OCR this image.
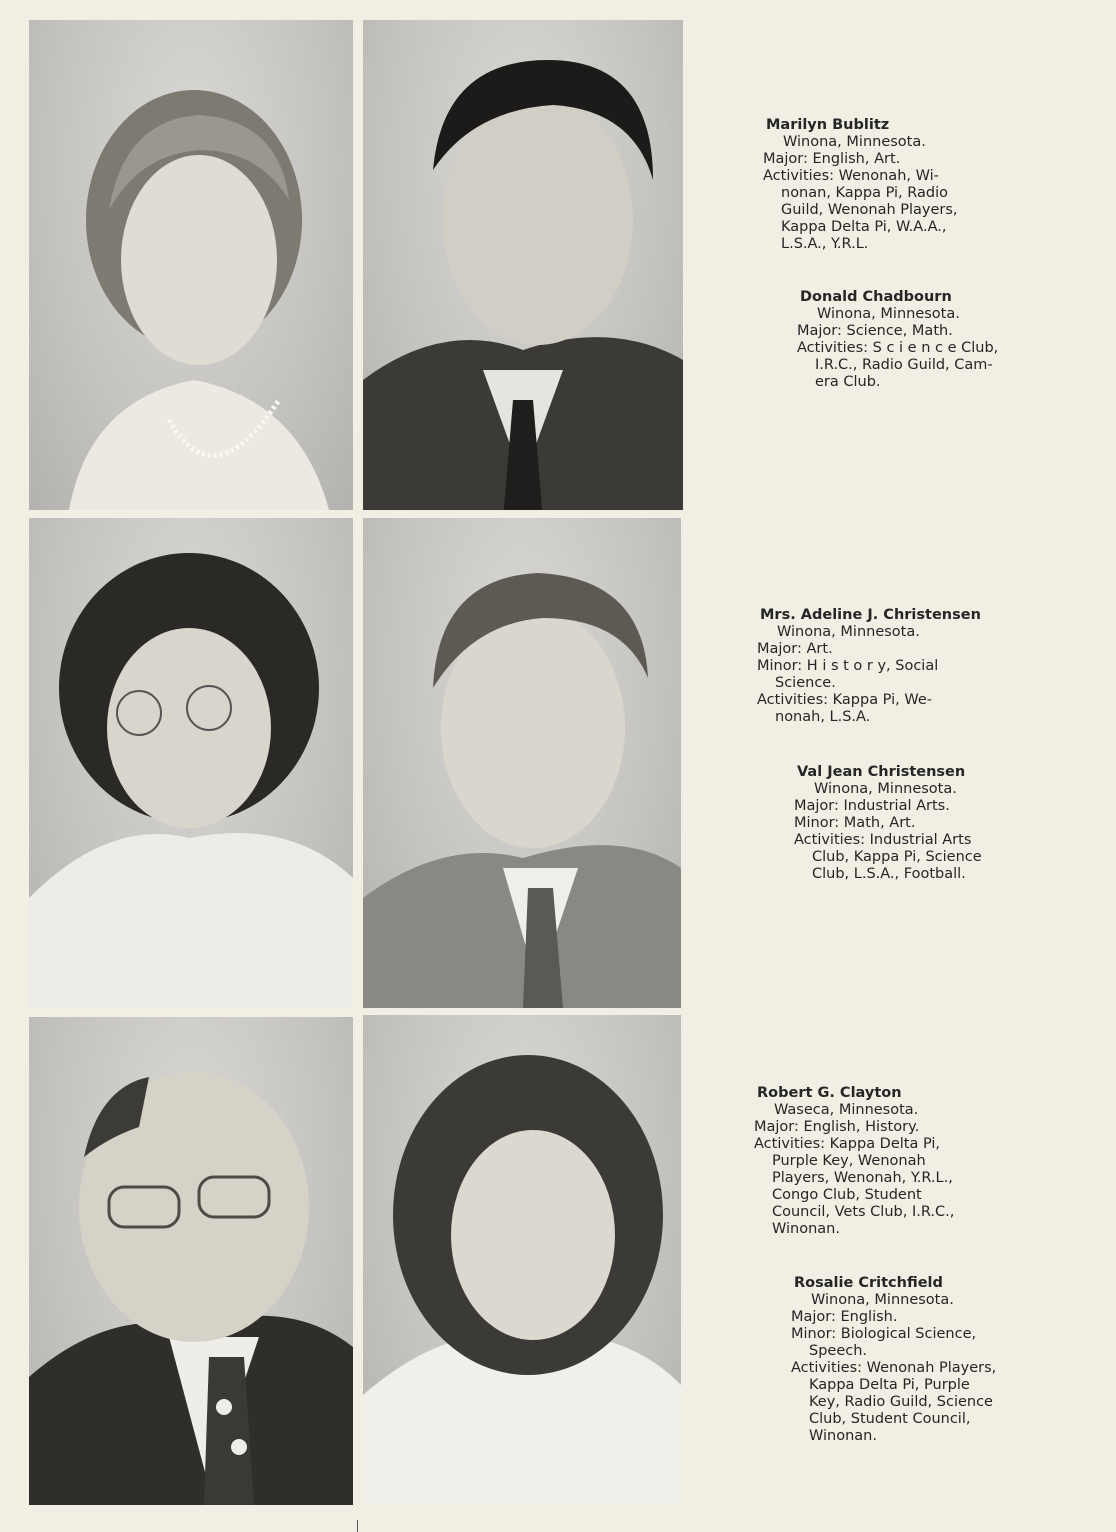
Marilyn Bublitz
Winona, Minnesota.
Major: English, Art.
Activities: Wenonah, Wi-
nonan, Kappa Pi, Radio
Guild, Wenonah Players,
Kappa Delta Pi, W.A.A.,
L.S.A., Y.R.L.
Donald Chadbourn
Winona, Minnesota.
Major: Science, Math.
Activities: S c i e n c e Club,
I.R.C., Radio Guild, Cam-
era Club.
Mrs. Adeline J. Christensen
Winona, Minnesota.
Major: Art.
Minor: H i s t o r y, Social
Science.
Activities: Kappa Pi, We-
nonah, L.S.A.
Val Jean Christensen
Winona, Minnesota.
Major: Industrial Arts.
Minor: Math, Art.
Activities: Industrial Arts
Club, Kappa Pi, Science
Club, L.S.A., Football.
Robert G. Clayton
Waseca, Minnesota.
Major: English, History.
Activities: Kappa Delta Pi,
Purple Key, Wenonah
Players, Wenonah, Y.R.L.,
Congo Club, Student
Council, Vets Club, I.R.C.,
Winonan.
Rosalie Critchfield
Winona, Minnesota.
Major: English.
Minor: Biological Science,
Speech.
Activities: Wenonah Players,
Kappa Delta Pi, Purple
Key, Radio Guild, Science
Club, Student Council,
Winonan.
